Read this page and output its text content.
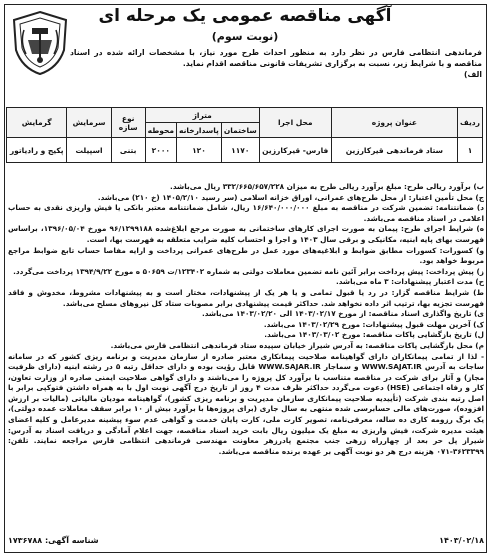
آگهی مناقصه عمومی یک مرحله ای
(نوبت سوم)
فرماندهی انتظامی فارس در نظر دارد به منظور احداث طرح مورد نیاز، با مشخصات ارائه شده در اسناد مناقصه و با شرایط زیر، نسبت به برگزاری تشریفات قانونی مناقصه اقدام نماید.
الف)
ردیف	عنوان پروژه	محل اجرا	متراژ			نوع سازه	سرمایش	گرمایش
			ساختمان	پاسدارخانه	محوطه			
۱	ستاد فرماندهی قیرکارزین	فارس- قیرکارزین	۱۱۷۰	۱۲۰	۲۰۰۰	بتنی	اسپیلت	پکیج و رادیاتور

ب) برآورد ریالی طرح: مبلغ برآورد ریالی طرح به میزان ۳۳۲/۶۶۵/۶۵۷/۲۲۸ ریال می‌باشد.

ج) محل تأمین اعتبار: از محل طرح‌های عمرانی، اوراق خزانه اسلامی (سر رسید ۱۴۰۵/۲/۱۰ (خ ۲۱۰) می‌باشد.

د) ضمانتنامه: تضمین شرکت در مناقصه به مبلغ ۱۶/۶۴۰/۰۰۰/۰۰۰ ریال، شامل ضمانتنامه معتبر بانکی یا فیش واریزی نقدی به حساب اعلامی در اسناد مناقصه می‌باشد.

ه) شرایط اجرای طرح: پیمان به صورت اجرای کارهای ساختمانی به صورت مرجع ابلاغ‌شده ۹۶/۱۲۹۹۱۸۸ مورخ ۱۳۹۶/۰۵/۰۴، براساس فهرست بهای پایه ابنیه، مکانیکی و برقی سال ۱۴۰۳ و اجرا و احتساب کلیه ضرایب متعلقه به فهرست بها، است.

و) کسورات: کسورات مطابق ضوابط و ابلاغیه‌های مورد عمل در طرح‌های عمرانی پرداخت و ارایه مفاصا حساب تابع ضوابط مراجع مربوط خواهد بود.

ز) پیش پرداخت: پیش پرداخت برابر آئین نامه تضمین معاملات دولتی به شماره ۱۲۳۴۰۲/ت ۵۰۶۵۹ ه مورخ ۱۳۹۴/۹/۲۲ پرداخت می‌گردد.

ح) مدت اعتبار پیشنهادات: ۳ ماه می‌باشد.

ط) شرایط مناقصه گزار: در رد یا قبول تمامی و یا هر یک از پیشنهادات، مختار است و به پیشنهادات مشروط، مخدوش و فاقد فهرست تجزیه بها، ترتیب اثر داده نخواهد شد. حداکثر قیمت پیشنهادی برابر مصوبات ستاد کل نیروهای مسلح می‌باشد.

ی) تاریخ واگذاری اسناد مناقصه: از مورخ ۱۴۰۳/۰۲/۱۷ الی ۱۴۰۳/۰۲/۲۰ می‌باشد.

ک) آخرین مهلت قبول پیشنهادات: مورخ ۱۴۰۳/۰۲/۲۹ می‌باشد.

ل) تاریخ بازگشایی پاکات مناقصه: مورخ ۱۴۰۳/۰۳/۰۲ می‌باشد.

م) محل بازگشایی پاکات مناقصه: به آدرس شیراز خیابان سپیده ستاد فرماندهی انتظامی فارس می‌باشد.

- لذا از تمامی پیمانکاران دارای گواهینامه صلاحیت پیمانکاری معتبر صادره از سازمان مدیریت و برنامه ریزی کشور که در سامانه ساجات به آدرس WWW.SAJAT.IR و سماجار WWW.SAJAR.IR قابل رؤیت بوده و دارای حداقل رتبه ۵ در رشته ابنیه (دارای ظرفیت مجاز) و آثار برای شرکت در مناقصه متناسب با برآورد کل پروژه را می‌باشند و دارای گواهی صلاحیت ایمنی صادره از وزارت تعاون، کار و رفاه اجتماعی (HSE) دعوت می‌گردد حداکثر ظرف مدت ۴ روز از تاریخ درج آگهی نوبت اول با به همراه داشتن فتوکپی برابر با اصل رتبه بندی شرکت (تأییدیه صلاحیت پیمانکاری سازمان مدیریت و برنامه ریزی کشور)، گواهینامه مودیان مالیاتی (مالیات بر ارزش افزوده)، صورت‌های مالی حسابرسی شده منتهی به سال جاری (برای پروژه‌ها با برآورد بیش از ۱۰ برابر سقف معاملات عمده دولتی)، یک برگ رزومه کاری ده ساله، معرفی‌نامه، تصویر کارت ملی، کارت پایان خدمت و گواهی عدم سوء پیشینه مدیرعامل و کلیه اعضای هیئت مدیره شرکت، فیش واریزی به مبلغ یک میلیون ریال بابت خرید اسناد مناقصه، جهت اعلام آمادگی و دریافت اسناد به آدرس: شیراز پل حر بعد از چهارراه زرهی جنب مجتمع پادرزهر معاونت مهندسی فرماندهی انتظامی فارس مراجعه نمایند. تلفن: ۳۶۲۳۳۹۹-۰۷۱ هزینه درج هر دو نوبت آگهی بر عهده برنده مناقصه می‌باشد.

۱۴۰۳/۰۲/۱۸
شناسه آگهی: ۱۷۳۶۷۸۸
